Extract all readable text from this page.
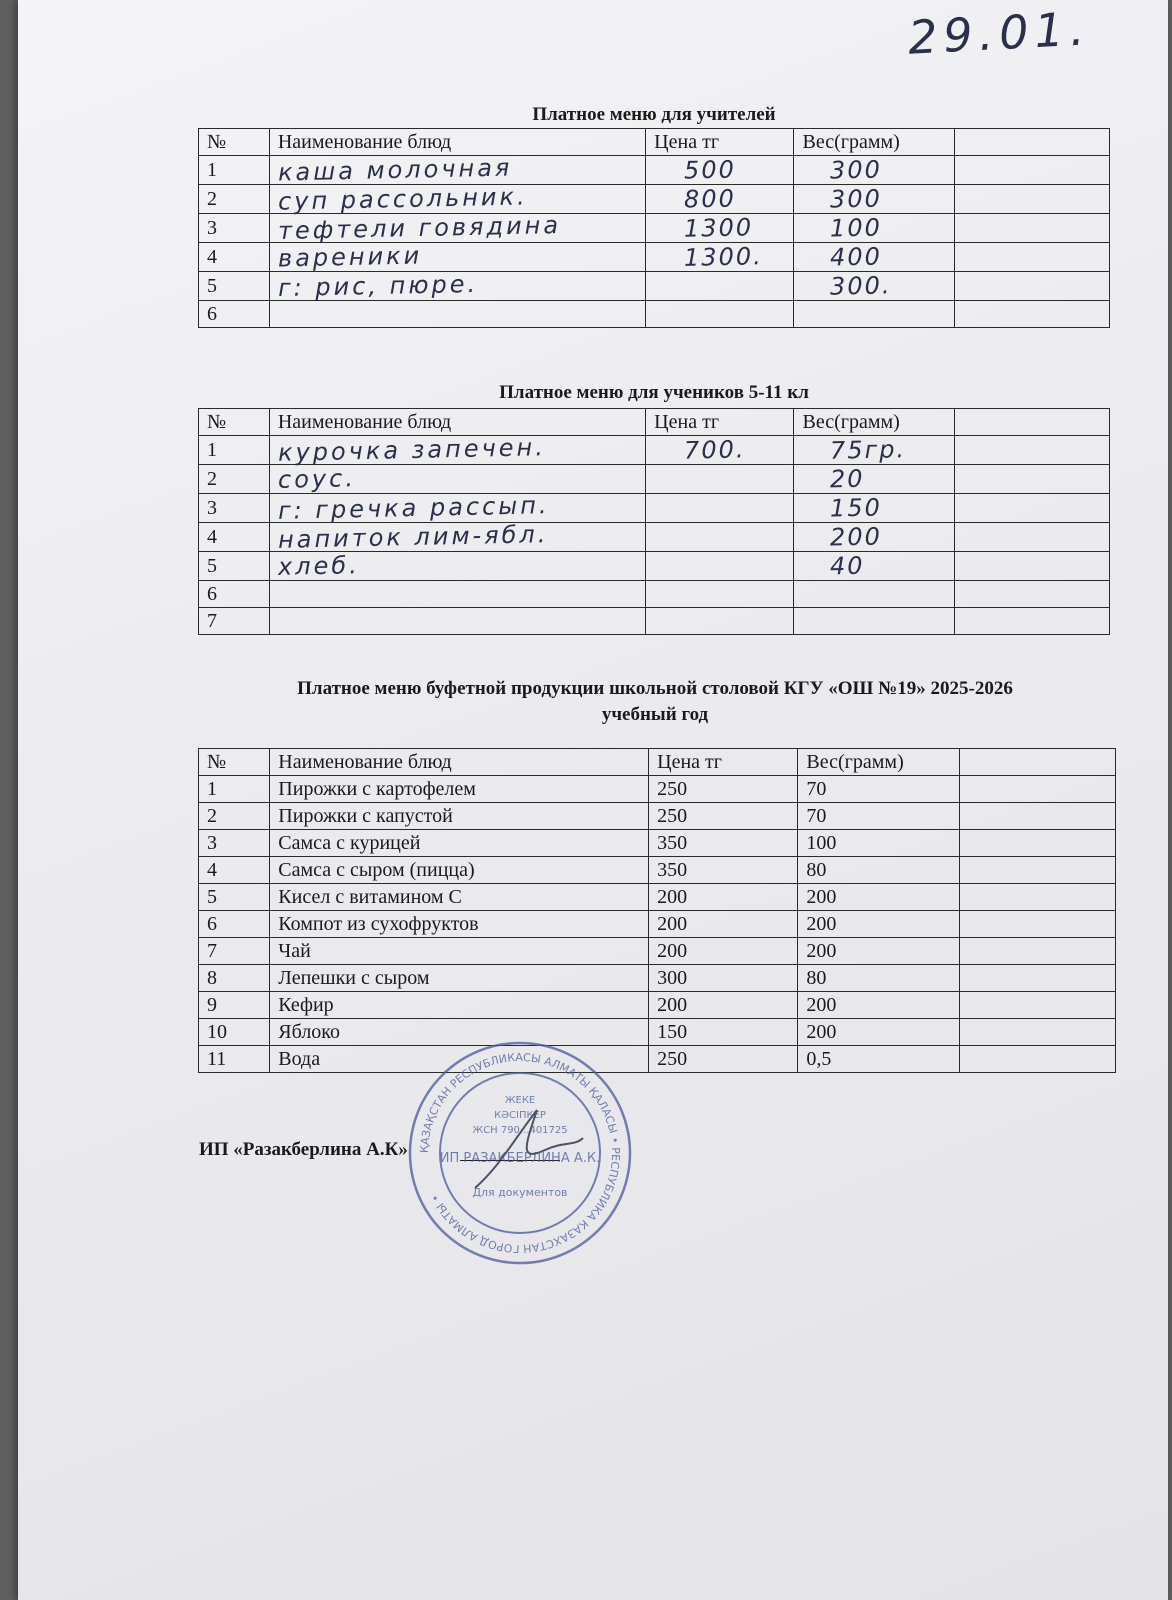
29.01.
Платное меню для учителей
№	Наименование блюд	Цена тг	Вес(грамм)	
1	каша молочная	500	300	
2	суп рассольник.	800	300	
3	тефтели говядина	1300	100	
4	вареники	1300.	400	
5	г: рис, пюре.		300.	
6				
Платное меню для учеников 5-11 кл
№	Наименование блюд	Цена тг	Вес(грамм)	
1	курочка запечен.	700.	75гр.	
2	соус.		20	
3	г: гречка рассып.		150	
4	напиток лим-ябл.		200	
5	хлеб.		40	
6				
7				
Платное меню буфетной продукции школьной столовой КГУ «ОШ №19» 2025-2026
учебный год
№	Наименование блюд	Цена тг	Вес(грамм)	
1	Пирожки с картофелем	250	70	
2	Пирожки с капустой	250	70	
3	Самса с курицей	350	100	
4	Самса с сыром (пицца)	350	80	
5	Кисел с витамином С	200	200	
6	Компот из сухофруктов	200	200	
7	Чай	200	200	
8	Лепешки с сыром	300	80	
9	Кефир	200	200	
10	Яблоко	150	200	
11	Вода	250	0,5	
ИП «Разакберлина А.К» ҚАЗАҚСТАН РЕСПУБЛИКАСЫ АЛМАТЫ ҚАЛАСЫ • РЕСПУБЛИКА КАЗАХСТАН ГОРОД АЛМАТЫ •
ЖЕКЕ
КӘСІПКЕР
ЖСН 790...401725
ИП РАЗАКБЕРЛИНА А.К.
Для документов
